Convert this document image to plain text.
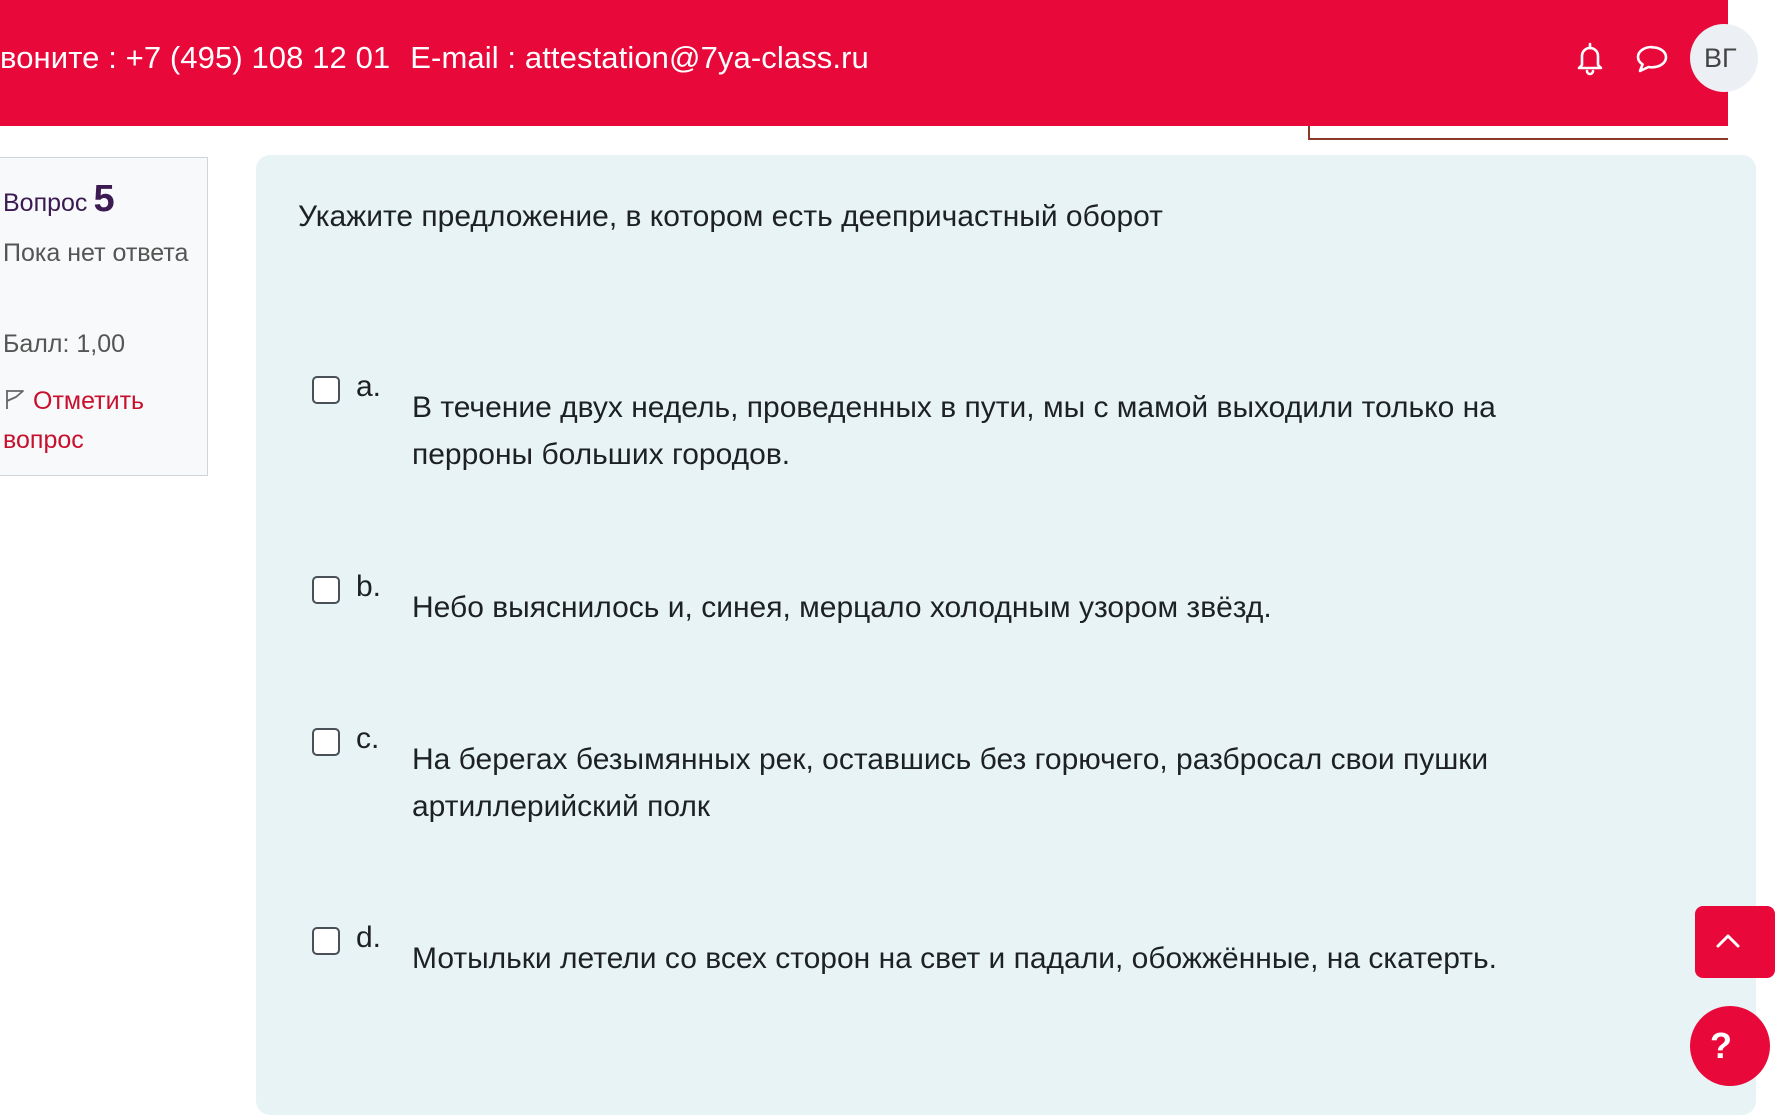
воните : +7 (495) 108 12 01 E-mail : attestation@7ya-class.ru	ВГ
Вопрос 5
Пока нет ответа
Балл: 1,00
Отметить вопрос
Укажите предложение, в котором есть деепричастный оборот
a.
В течение двух недель, проведенных в пути, мы с мамой выходили только на перроны больших городов.
b.
Небо выяснилось и, синея, мерцало холодным узором звёзд.
c.
На берегах безымянных рек, оставшись без горючего, разбросал свои пушки артиллерийский полк
d.
Мотыльки летели со всех сторон на свет и падали, обожжённые, на скатерть.
?
